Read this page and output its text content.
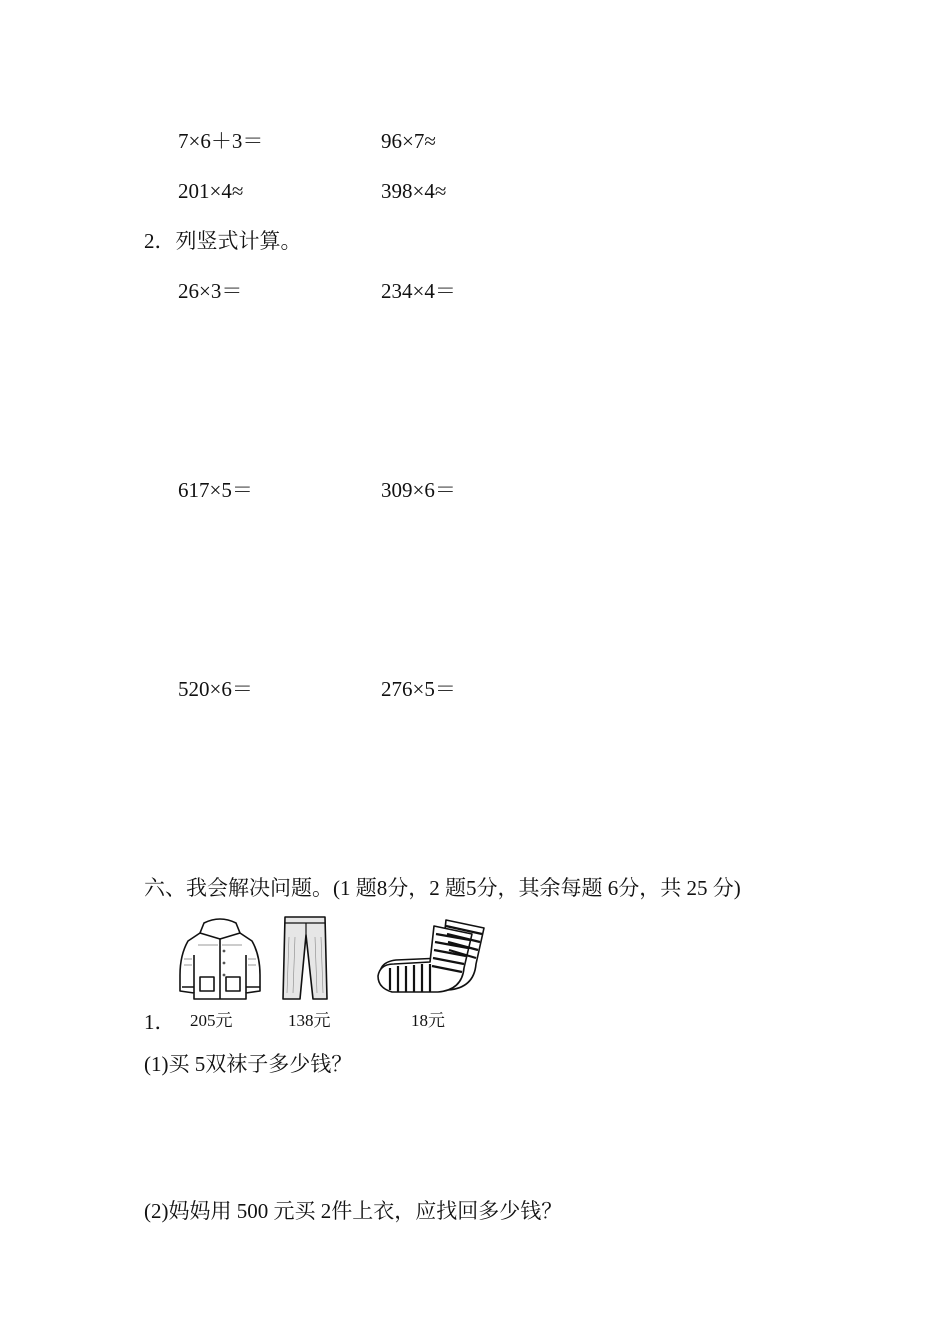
7×6＋3＝	96×7≈
201×4≈	398×4≈
2．列竖式计算。
26×3＝	234×4＝
617×5＝	309×6＝
520×6＝	276×5＝
六、我会解决问题。(1 题8分，2 题5分，其余每题 6分，共 25 分)
1． 205元	138元	18元
(1)买 5双袜子多少钱？
(2)妈妈用 500 元买 2件上衣，应找回多少钱？
